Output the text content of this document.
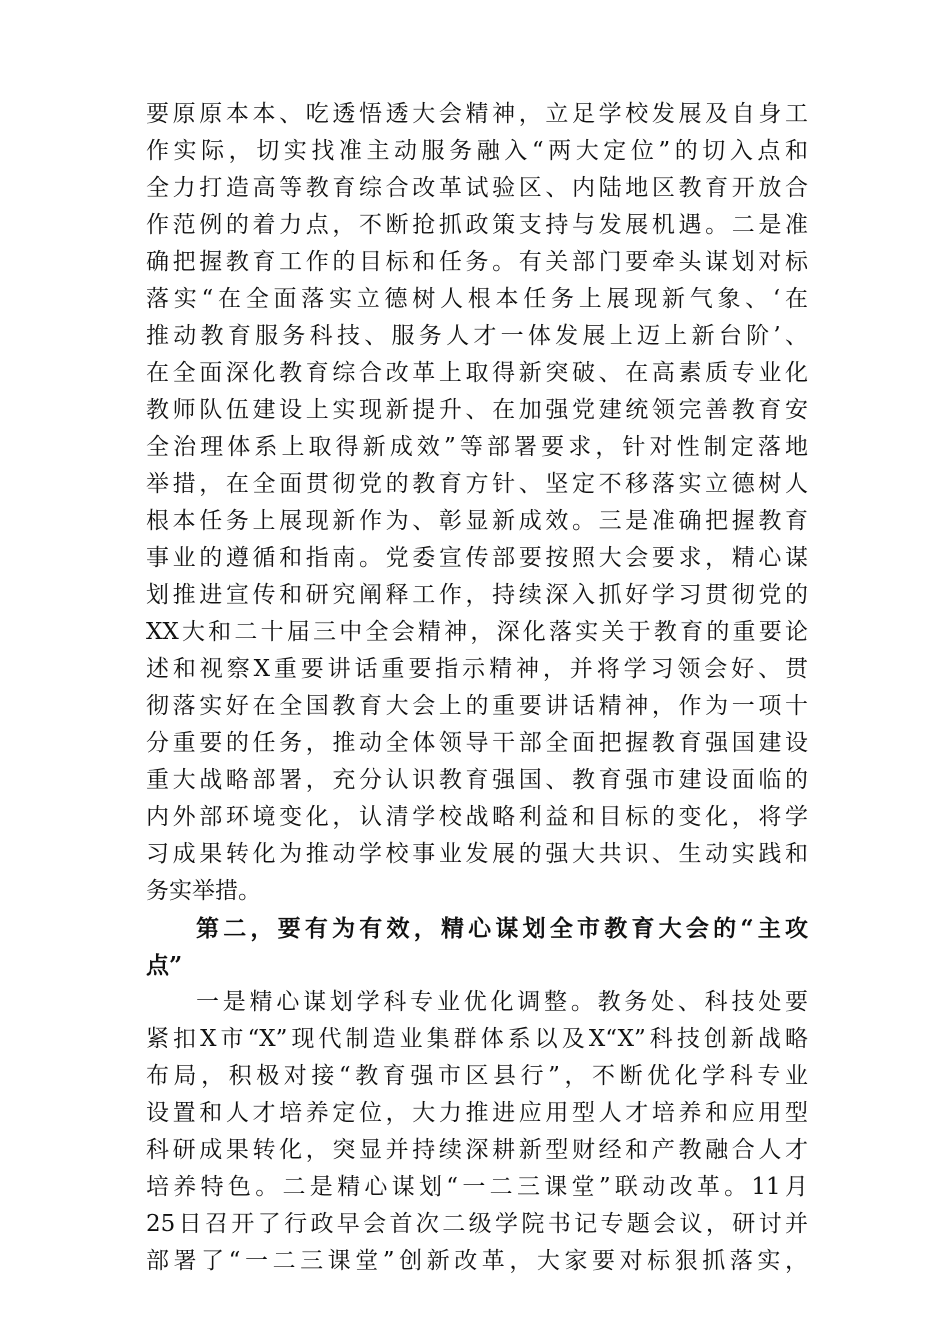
要原原本本、吃透悟透大会精神，立足学校发展及自身工
作实际，切实找准主动服务融入“两大定位”的切入点和
全力打造高等教育综合改革试验区、内陆地区教育开放合
作范例的着力点，不断抢抓政策支持与发展机遇。二是准
确把握教育工作的目标和任务。有关部门要牵头谋划对标
落实“在全面落实立德树人根本任务上展现新气象、‘在
推动教育服务科技、服务人才一体发展上迈上新台阶’、
在全面深化教育综合改革上取得新突破、在高素质专业化
教师队伍建设上实现新提升、在加强党建统领完善教育安
全治理体系上取得新成效”等部署要求，针对性制定落地
举措，在全面贯彻党的教育方针、坚定不移落实立德树人
根本任务上展现新作为、彰显新成效。三是准确把握教育
事业的遵循和指南。党委宣传部要按照大会要求，精心谋
划推进宣传和研究阐释工作，持续深入抓好学习贯彻党的
XX大和二十届三中全会精神，深化落实关于教育的重要论
述和视察X重要讲话重要指示精神，并将学习领会好、贯
彻落实好在全国教育大会上的重要讲话精神，作为一项十
分重要的任务，推动全体领导干部全面把握教育强国建设
重大战略部署，充分认识教育强国、教育强市建设面临的
内外部环境变化，认清学校战略利益和目标的变化，将学
习成果转化为推动学校事业发展的强大共识、生动实践和
务实举措。
第二，要有为有效，精心谋划全市教育大会的“主攻
点”
一是精心谋划学科专业优化调整。教务处、科技处要
紧扣X市“X”现代制造业集群体系以及X“X”科技创新战略
布局，积极对接“教育强市区县行”，不断优化学科专业
设置和人才培养定位，大力推进应用型人才培养和应用型
科研成果转化，突显并持续深耕新型财经和产教融合人才
培养特色。二是精心谋划“一二三课堂”联动改革。11月
25日召开了行政早会首次二级学院书记专题会议，研讨并
部署了“一二三课堂”创新改革，大家要对标狠抓落实，
